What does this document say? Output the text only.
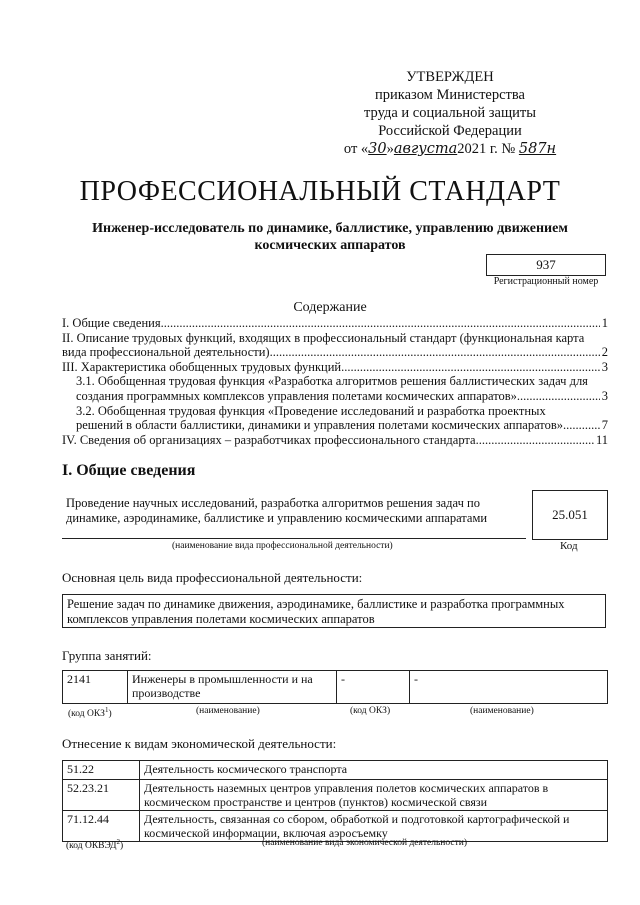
УТВЕРЖДЕН
приказом Министерства
труда и социальной защиты
Российской Федерации
от «30»августа2021 г. № 587н
ПРОФЕССИОНАЛЬНЫЙ СТАНДАРТ
Инженер-исследователь по динамике, баллистике, управлению движением космических аппаратов
937
Регистрационный номер
Содержание
I. Общие сведения .....	1
II. Описание трудовых функций, входящих в профессиональный стандарт (функциональная карта
вида профессиональной деятельности) .....	2
III. Характеристика обобщенных трудовых функций .....	3
3.1. Обобщенная трудовая функция «Разработка алгоритмов решения баллистических задач для
создания программных комплексов управления полетами космических аппаратов» .....	3
3.2. Обобщенная трудовая функция «Проведение исследований и разработка проектных
решений в области баллистики, динамики и управления полетами космических аппаратов» .....	7
IV. Сведения об организациях – разработчиках профессионального стандарта .....	11
I. Общие сведения
Проведение научных исследований, разработка алгоритмов решения задач по динамике, аэродинамике, баллистике и управлению космическими аппаратами	25.051
(наименование вида профессиональной деятельности)	Код
Основная цель вида профессиональной деятельности:
Решение задач по динамике движения, аэродинамике, баллистике и разработка программных комплексов управления полетами космических аппаратов
Группа занятий:
2141	Инженеры в промышленности и на производстве	-	-
(код ОКЗ$^1$)	(наименование)	(код ОКЗ)	(наименование)
Отнесение к видам экономической деятельности:
51.22	Деятельность космического транспорта
52.23.21	Деятельность наземных центров управления полетов космических аппаратов в космическом пространстве и центров (пунктов) космической связи
71.12.44	Деятельность, связанная со сбором, обработкой и подготовкой картографической и космической информации, включая аэросъемку
(код ОКВЭД$^2$)	(наименование вида экономической деятельности)
